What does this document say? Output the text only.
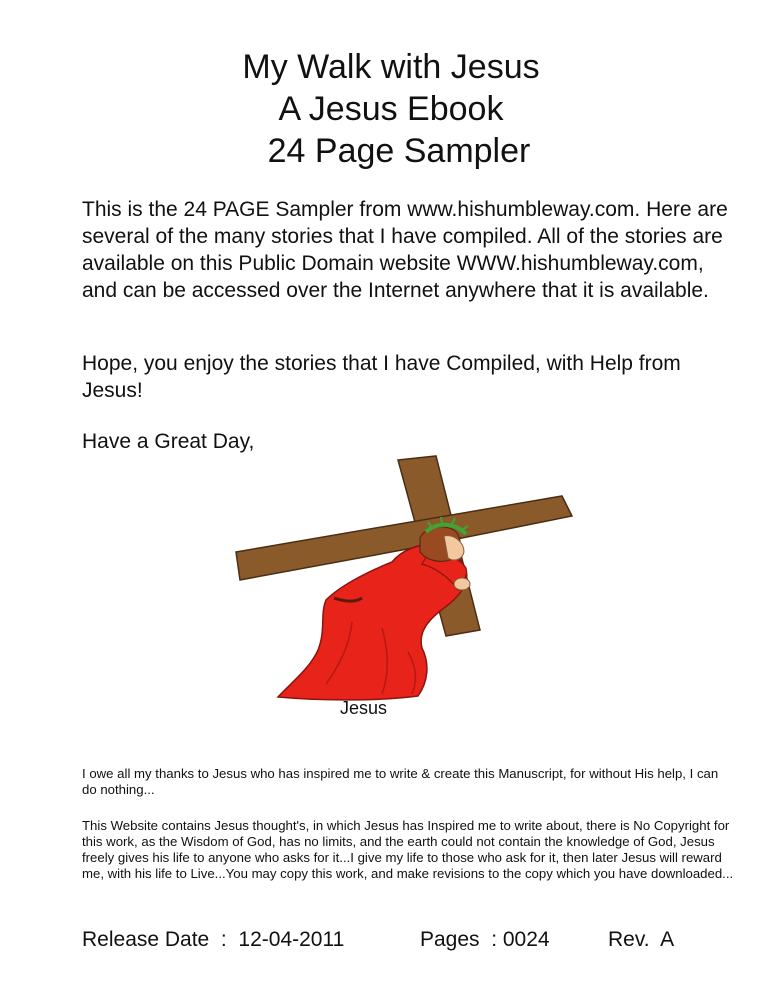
My Walk with Jesus
A Jesus Ebook
24 Page Sampler

This is the 24 PAGE Sampler from www.hishumbleway.com. Here are several of the many stories that I have compiled. All of the stories are available on this Public Domain website WWW.hishumbleway.com, and can be accessed over the Internet anywhere that it is available.

Hope, you enjoy the stories that I have Compiled, with Help from Jesus!

Have a Great Day,

Jesus

I owe all my thanks to Jesus who has inspired me to write & create this Manuscript, for without His help, I can do nothing...

This Website contains Jesus thought's, in which Jesus has Inspired me to write about, there is No Copyright for this work, as the Wisdom of God, has no limits, and the earth could not contain the knowledge of God, Jesus freely gives his life to anyone who asks for it...I give my life to those who ask for it, then later Jesus will reward me, with his life to Live...You may copy this work, and make revisions to the copy which you have downloaded...

Release Date  :  12-04-2011	Pages  : 0024	Rev.  A
